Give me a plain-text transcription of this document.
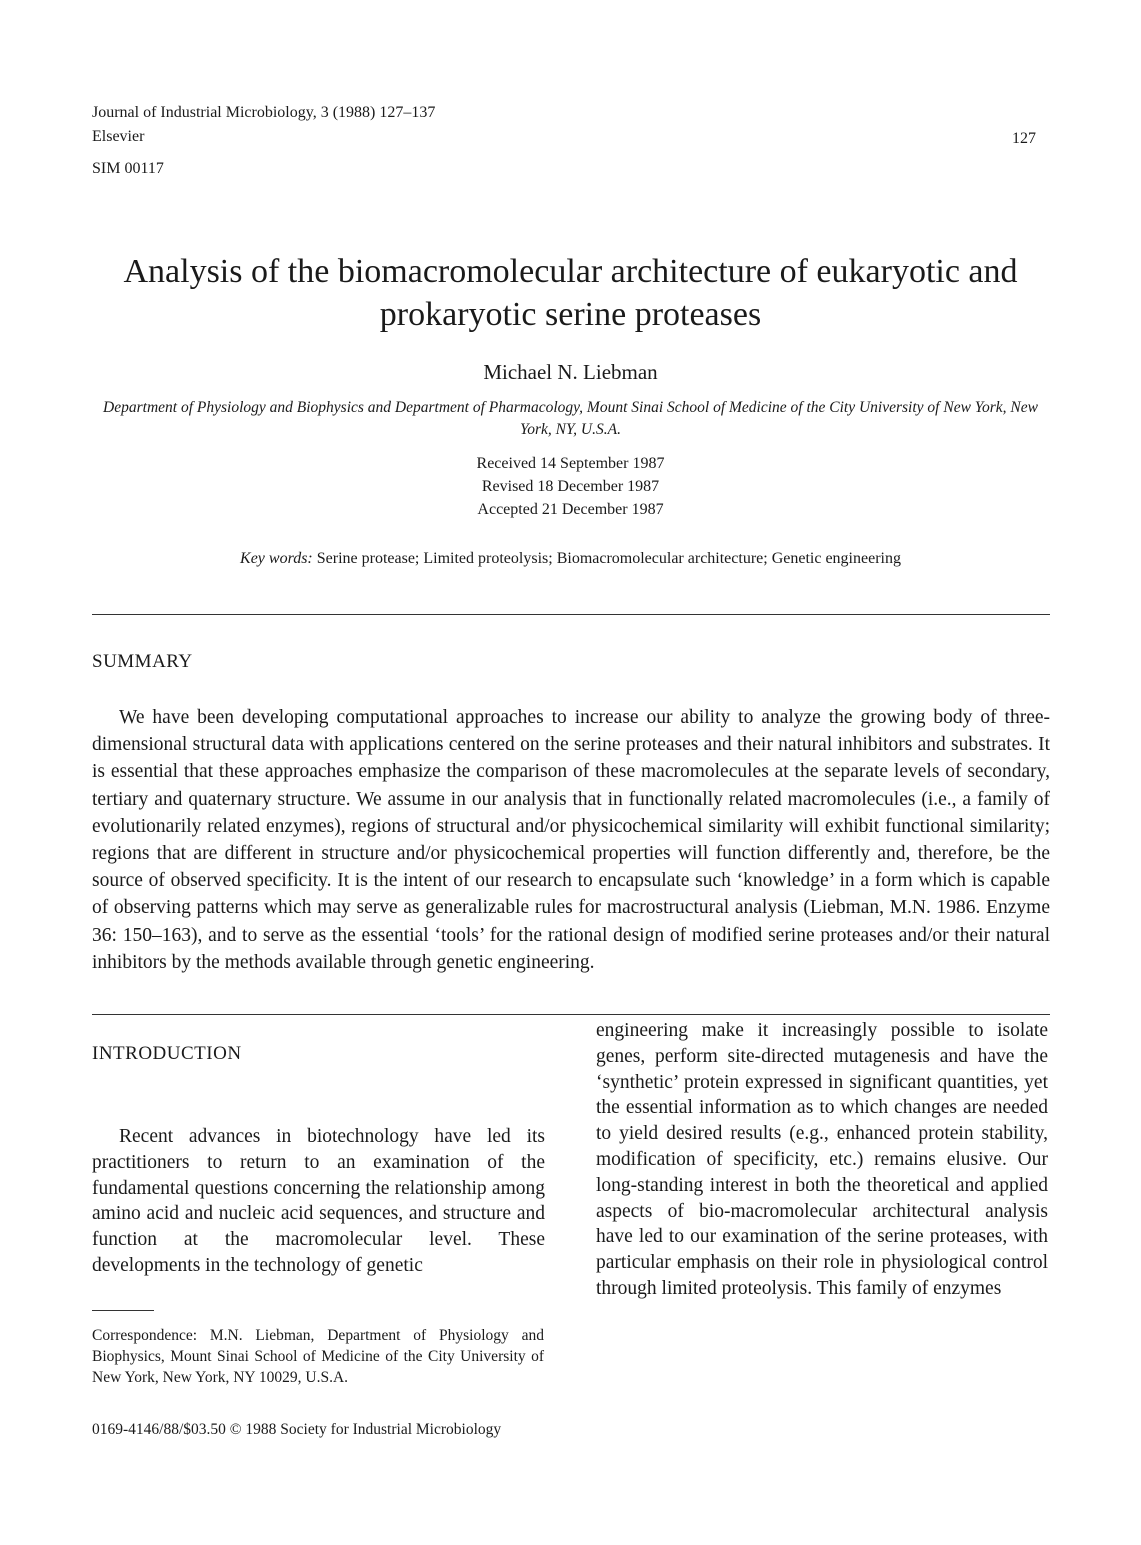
Journal of Industrial Microbiology, 3 (1988) 127–137
Elsevier
SIM 00117
127
Analysis of the biomacromolecular architecture of eukaryotic and prokaryotic serine proteases
Michael N. Liebman
Department of Physiology and Biophysics and Department of Pharmacology, Mount Sinai School of Medicine of the City University of New York, New York, NY, U.S.A.
Received 14 September 1987
Revised 18 December 1987
Accepted 21 December 1987
Key words: Serine protease; Limited proteolysis; Biomacromolecular architecture; Genetic engineering
SUMMARY
We have been developing computational approaches to increase our ability to analyze the growing body of three-dimensional structural data with applications centered on the serine proteases and their natural inhibitors and substrates. It is essential that these approaches emphasize the comparison of these macromolecules at the separate levels of secondary, tertiary and quaternary structure. We assume in our analysis that in functionally related macromolecules (i.e., a family of evolutionarily related enzymes), regions of structural and/or physicochemical similarity will exhibit functional similarity; regions that are different in structure and/or physicochemical properties will function differently and, therefore, be the source of observed specificity. It is the intent of our research to encapsulate such ‘knowledge’ in a form which is capable of observing patterns which may serve as generalizable rules for macrostructural analysis (Liebman, M.N. 1986. Enzyme 36: 150–163), and to serve as the essential ‘tools’ for the rational design of modified serine proteases and/or their natural inhibitors by the methods available through genetic engineering.
INTRODUCTION
Recent advances in biotechnology have led its practitioners to return to an examination of the fundamental questions concerning the relationship among amino acid and nucleic acid sequences, and structure and function at the macromolecular level. These developments in the technology of genetic
engineering make it increasingly possible to isolate genes, perform site-directed mutagenesis and have the ‘synthetic’ protein expressed in significant quantities, yet the essential information as to which changes are needed to yield desired results (e.g., enhanced protein stability, modification of specificity, etc.) remains elusive. Our long-standing interest in both the theoretical and applied aspects of bio-macromolecular architectural analysis have led to our examination of the serine proteases, with particular emphasis on their role in physiological control through limited proteolysis. This family of enzymes
Correspondence: M.N. Liebman, Department of Physiology and Biophysics, Mount Sinai School of Medicine of the City University of New York, New York, NY 10029, U.S.A.
0169-4146/88/$03.50 © 1988 Society for Industrial Microbiology
